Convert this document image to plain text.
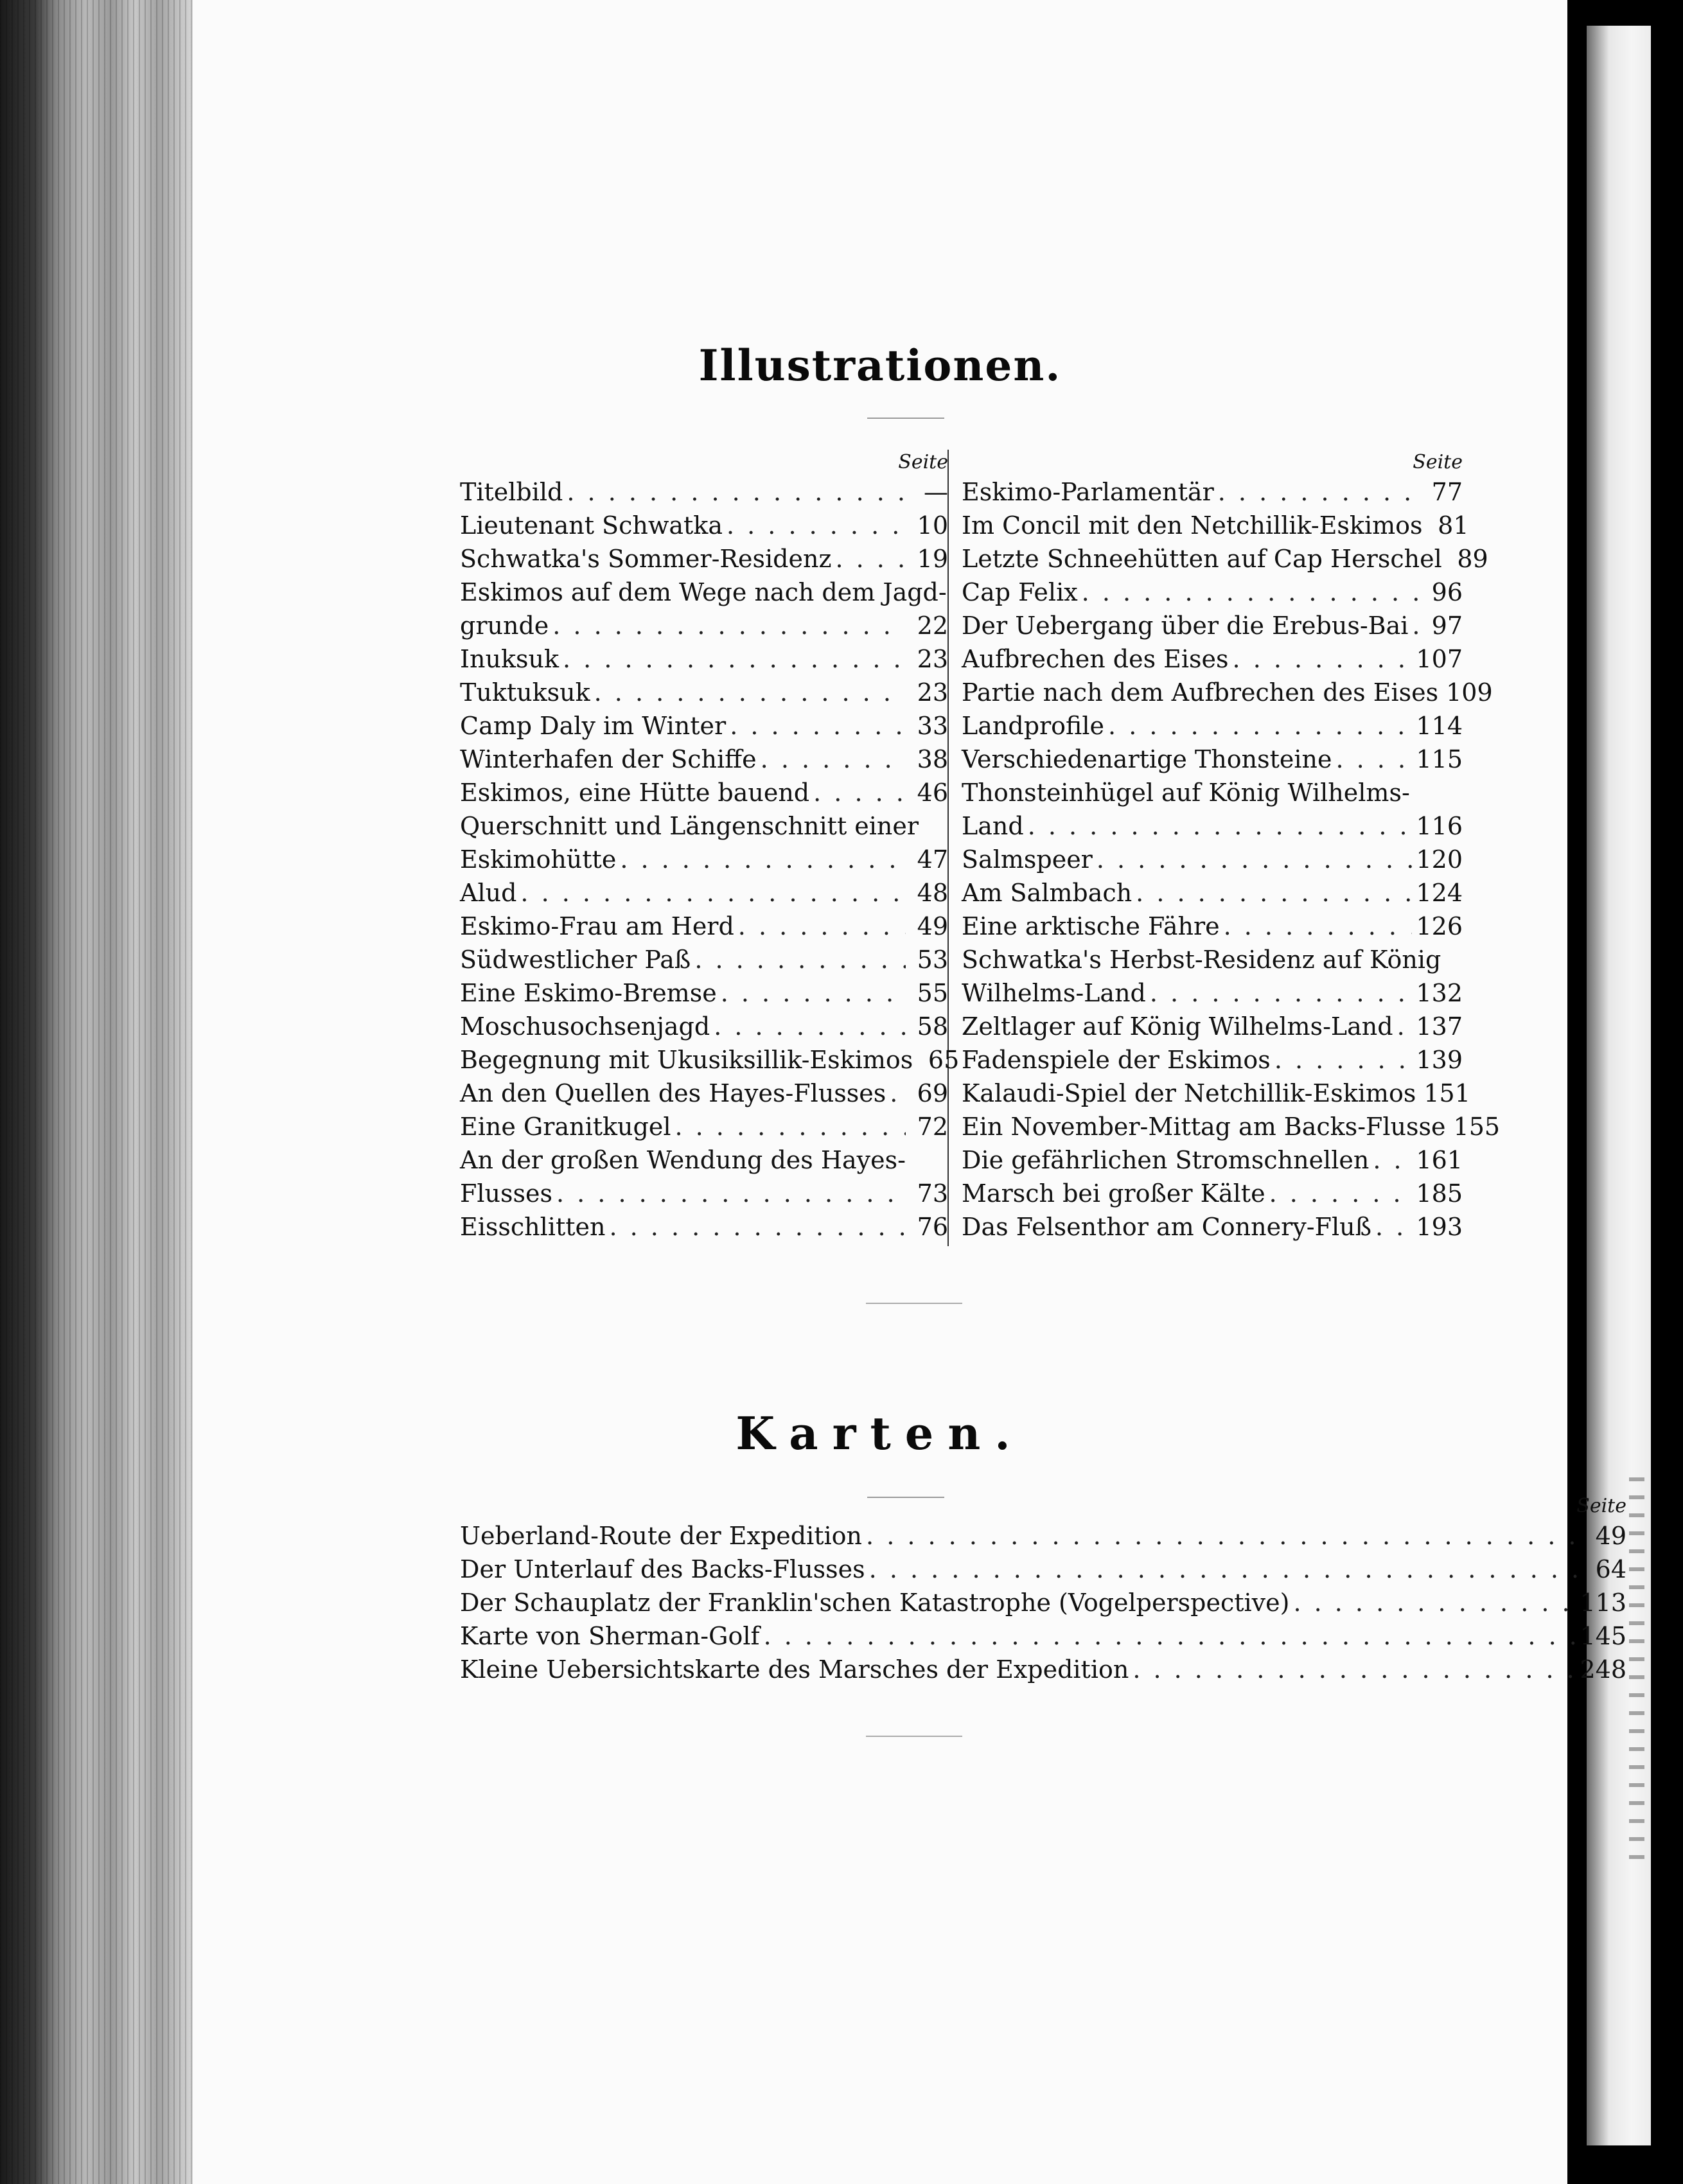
Illustrationen.
Seite
Titelbild . . .	—
Lieutenant Schwatka . . .	10
Schwatka's Sommer-Residenz . . .	19
Eskimos auf dem Wege nach dem Jagd-
grunde . . .	22
Inuksuk . . .	23
Tuktuksuk . . .	23
Camp Daly im Winter . . .	33
Winterhafen der Schiffe . . .	38
Eskimos, eine Hütte bauend . . .	46
Querschnitt und Längenschnitt einer
Eskimohütte . . .	47
Alud . . .	48
Eskimo-Frau am Herd . . .	49
Südwestlicher Paß . . .	53
Eine Eskimo-Bremse . . .	55
Moschusochsenjagd . . .	58
Begegnung mit Ukusiksillik-Eskimos 65
An den Quellen des Hayes-Flusses . . .	69
Eine Granitkugel . . .	72
An der großen Wendung des Hayes-
Flusses . . .	73
Eisschlitten . . .	76
Seite
Eskimo-Parlamentär . . .	77
Im Concil mit den Netchillik-Eskimos 81
Letzte Schneehütten auf Cap Herschel 89
Cap Felix . . .	96
Der Uebergang über die Erebus-Bai . . . 97
Aufbrechen des Eises . . .	107
Partie nach dem Aufbrechen des Eises 109
Landprofile . . .	114
Verschiedenartige Thonsteine . . .	115
Thonsteinhügel auf König Wilhelms-
Land . . .	116
Salmspeer . . .	120
Am Salmbach . . .	124
Eine arktische Fähre . . .	126
Schwatka's Herbst-Residenz auf König
Wilhelms-Land . . .	132
Zeltlager auf König Wilhelms-Land . . . 137
Fadenspiele der Eskimos . . .	139
Kalaudi-Spiel der Netchillik-Eskimos 151
Ein November-Mittag am Backs-Flusse 155
Die gefährlichen Stromschnellen . . . 161
Marsch bei großer Kälte . . .	185
Das Felsenthor am Connery-Fluß . . . 193
Karten.
Seite
Ueberland-Route der Expedition . . .	49
Der Unterlauf des Backs-Flusses . . .	64
Der Schauplatz der Franklin'schen Katastrophe (Vogelperspective) . . .	113
Karte von Sherman-Golf . . .	145
Kleine Uebersichtskarte des Marsches der Expedition . . .	248
